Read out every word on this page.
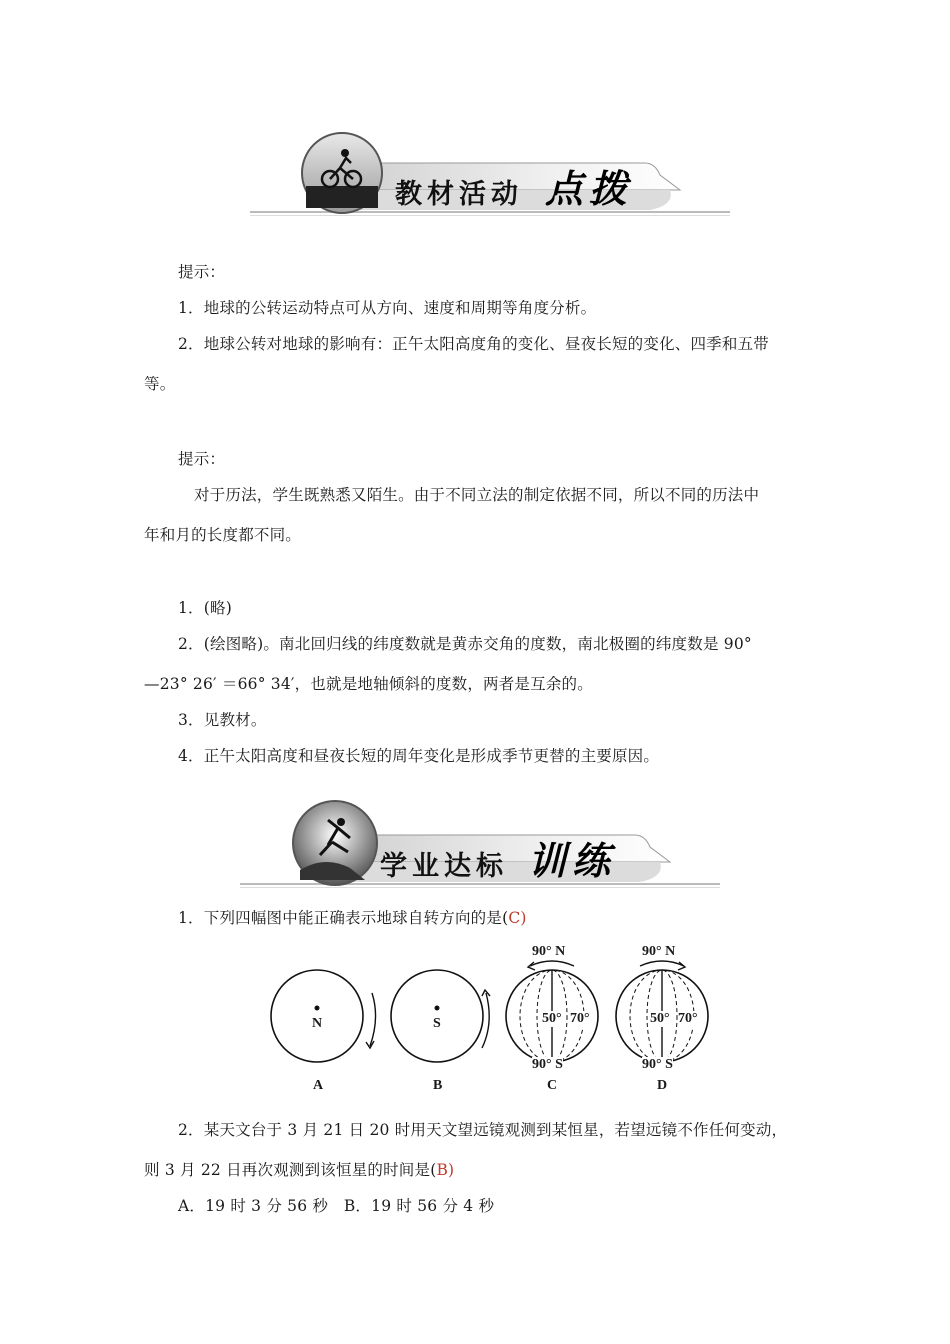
教材活动 点拨
提示：
1．地球的公转运动特点可从方向、速度和周期等角度分析。
2．地球公转对地球的影响有：正午太阳高度角的变化、昼夜长短的变化、四季和五带
等。
提示：
对于历法，学生既熟悉又陌生。由于不同立法的制定依据不同，所以不同的历法中
年和月的长度都不同。
1．(略)
2．(绘图略)。南北回归线的纬度数就是黄赤交角的度数，南北极圈的纬度数是 90°
—23° 26′ ＝66° 34′，也就是地轴倾斜的度数，两者是互余的。
3．见教材。
4．正午太阳高度和昼夜长短的周年变化是形成季节更替的主要原因。
学业达标 训练
1．下列四幅图中能正确表示地球自转方向的是(C)
N	S
90° N
90° S
50° 70°
90° N
90° S
50° 70°
A	B	C	D
2．某天文台于 3 月 21 日 20 时用天文望远镜观测到某恒星，若望远镜不作任何变动，
则 3 月 22 日再次观测到该恒星的时间是(B)
A．19 时 3 分 56 秒　B．19 时 56 分 4 秒
